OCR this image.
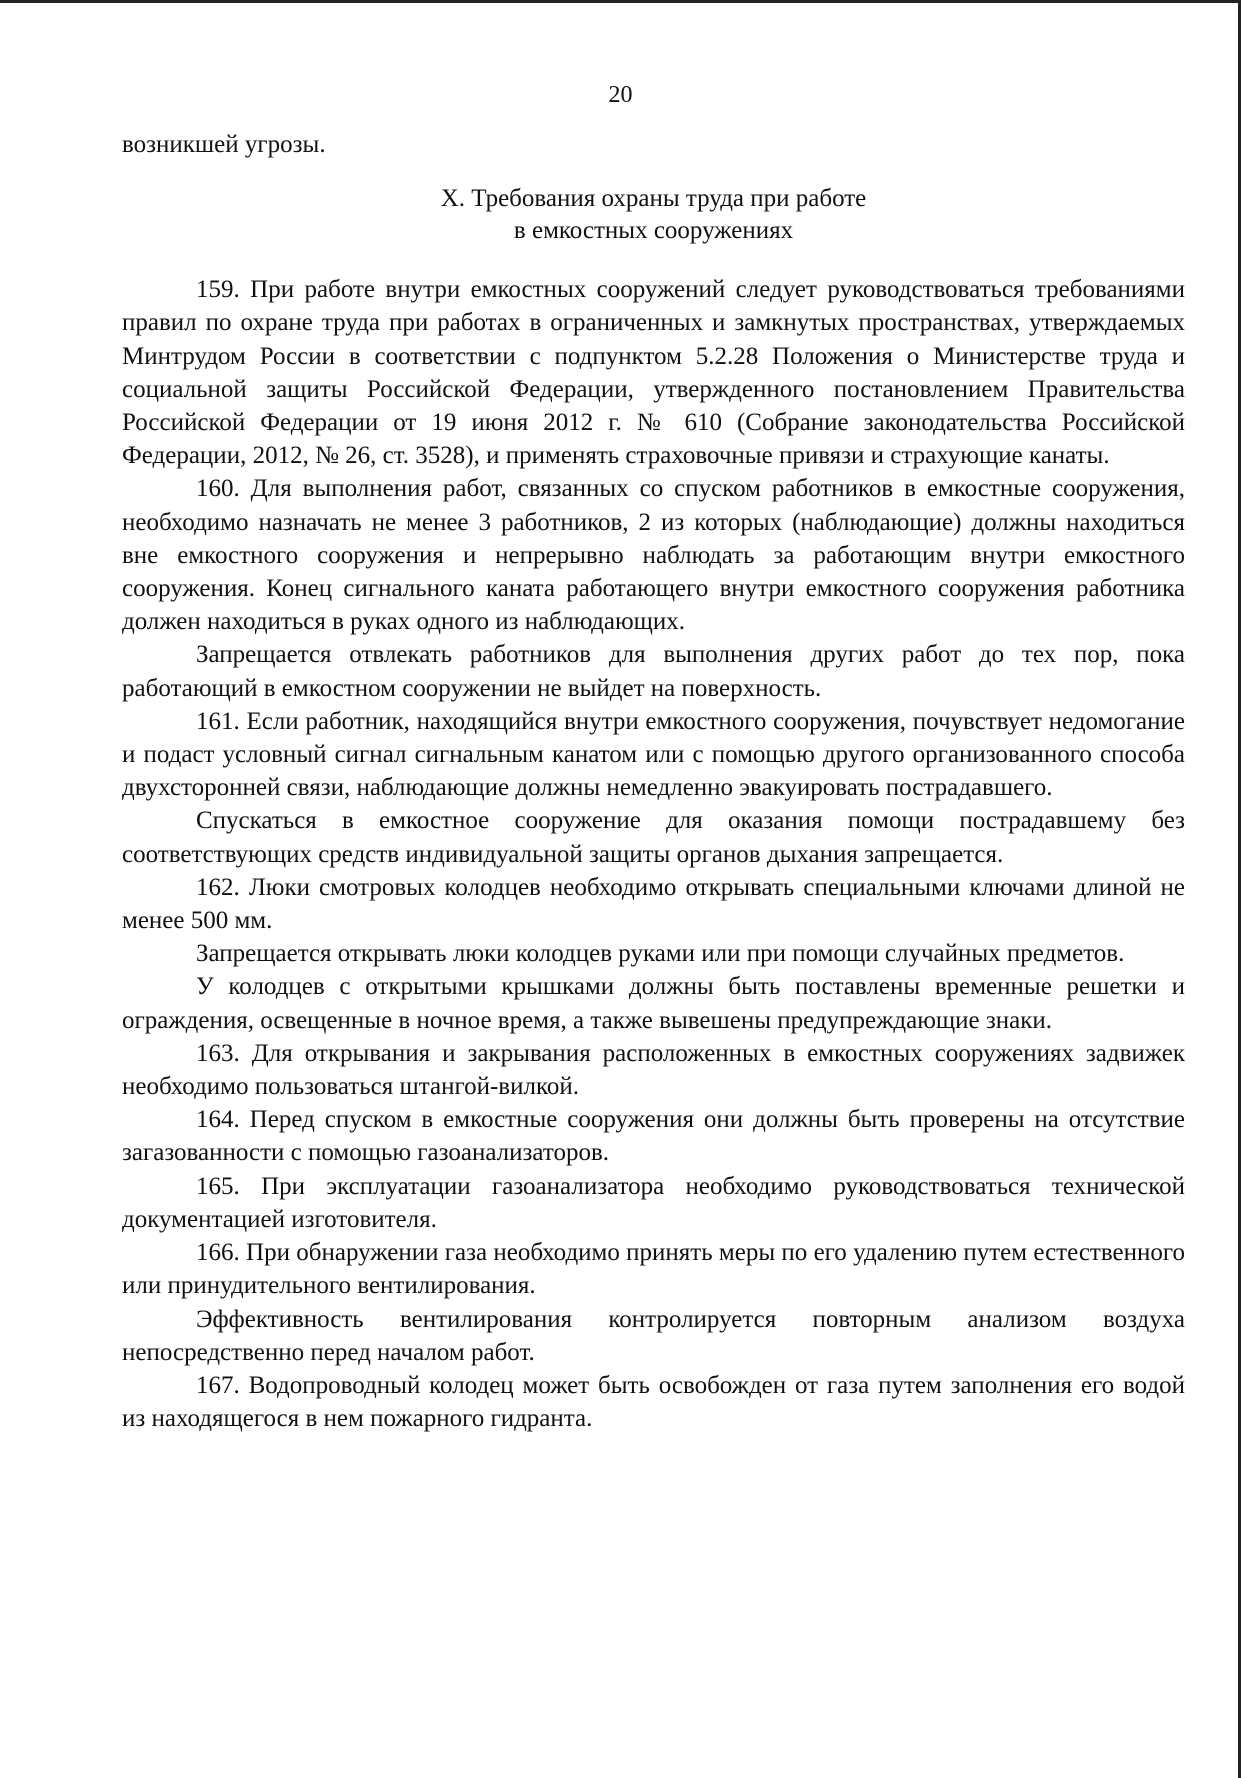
20

возникшей угрозы.

X. Требования охраны труда при работе
в емкостных сооружениях

159. При работе внутри емкостных сооружений следует руководствоваться требованиями правил по охране труда при работах в ограниченных и замкнутых пространствах, утверждаемых Минтрудом России в соответствии с подпунктом 5.2.28 Положения о Министерстве труда и социальной защиты Российской Федерации, утвержденного постановлением Правительства Российской Федерации от 19 июня 2012 г. № 610 (Собрание законодательства Российской Федерации, 2012, № 26, ст. 3528), и применять страховочные привязи и страхующие канаты.

160. Для выполнения работ, связанных со спуском работников в емкостные сооружения, необходимо назначать не менее 3 работников, 2 из которых (наблюдающие) должны находиться вне емкостного сооружения и непрерывно наблюдать за работающим внутри емкостного сооружения. Конец сигнального каната работающего внутри емкостного сооружения работника должен находиться в руках одного из наблюдающих.

Запрещается отвлекать работников для выполнения других работ до тех пор, пока работающий в емкостном сооружении не выйдет на поверхность.

161. Если работник, находящийся внутри емкостного сооружения, почувствует недомогание и подаст условный сигнал сигнальным канатом или с помощью другого организованного способа двухсторонней связи, наблюдающие должны немедленно эвакуировать пострадавшего.

Спускаться в емкостное сооружение для оказания помощи пострадавшему без соответствующих средств индивидуальной защиты органов дыхания запрещается.

162. Люки смотровых колодцев необходимо открывать специальными ключами длиной не менее 500 мм.

Запрещается открывать люки колодцев руками или при помощи случайных предметов.

У колодцев с открытыми крышками должны быть поставлены временные решетки и ограждения, освещенные в ночное время, а также вывешены предупреждающие знаки.

163. Для открывания и закрывания расположенных в емкостных сооружениях задвижек необходимо пользоваться штангой-вилкой.

164. Перед спуском в емкостные сооружения они должны быть проверены на отсутствие загазованности с помощью газоанализаторов.

165. При эксплуатации газоанализатора необходимо руководствоваться технической документацией изготовителя.

166. При обнаружении газа необходимо принять меры по его удалению путем естественного или принудительного вентилирования.

Эффективность вентилирования контролируется повторным анализом воздуха непосредственно перед началом работ.

167. Водопроводный колодец может быть освобожден от газа путем заполнения его водой из находящегося в нем пожарного гидранта.
